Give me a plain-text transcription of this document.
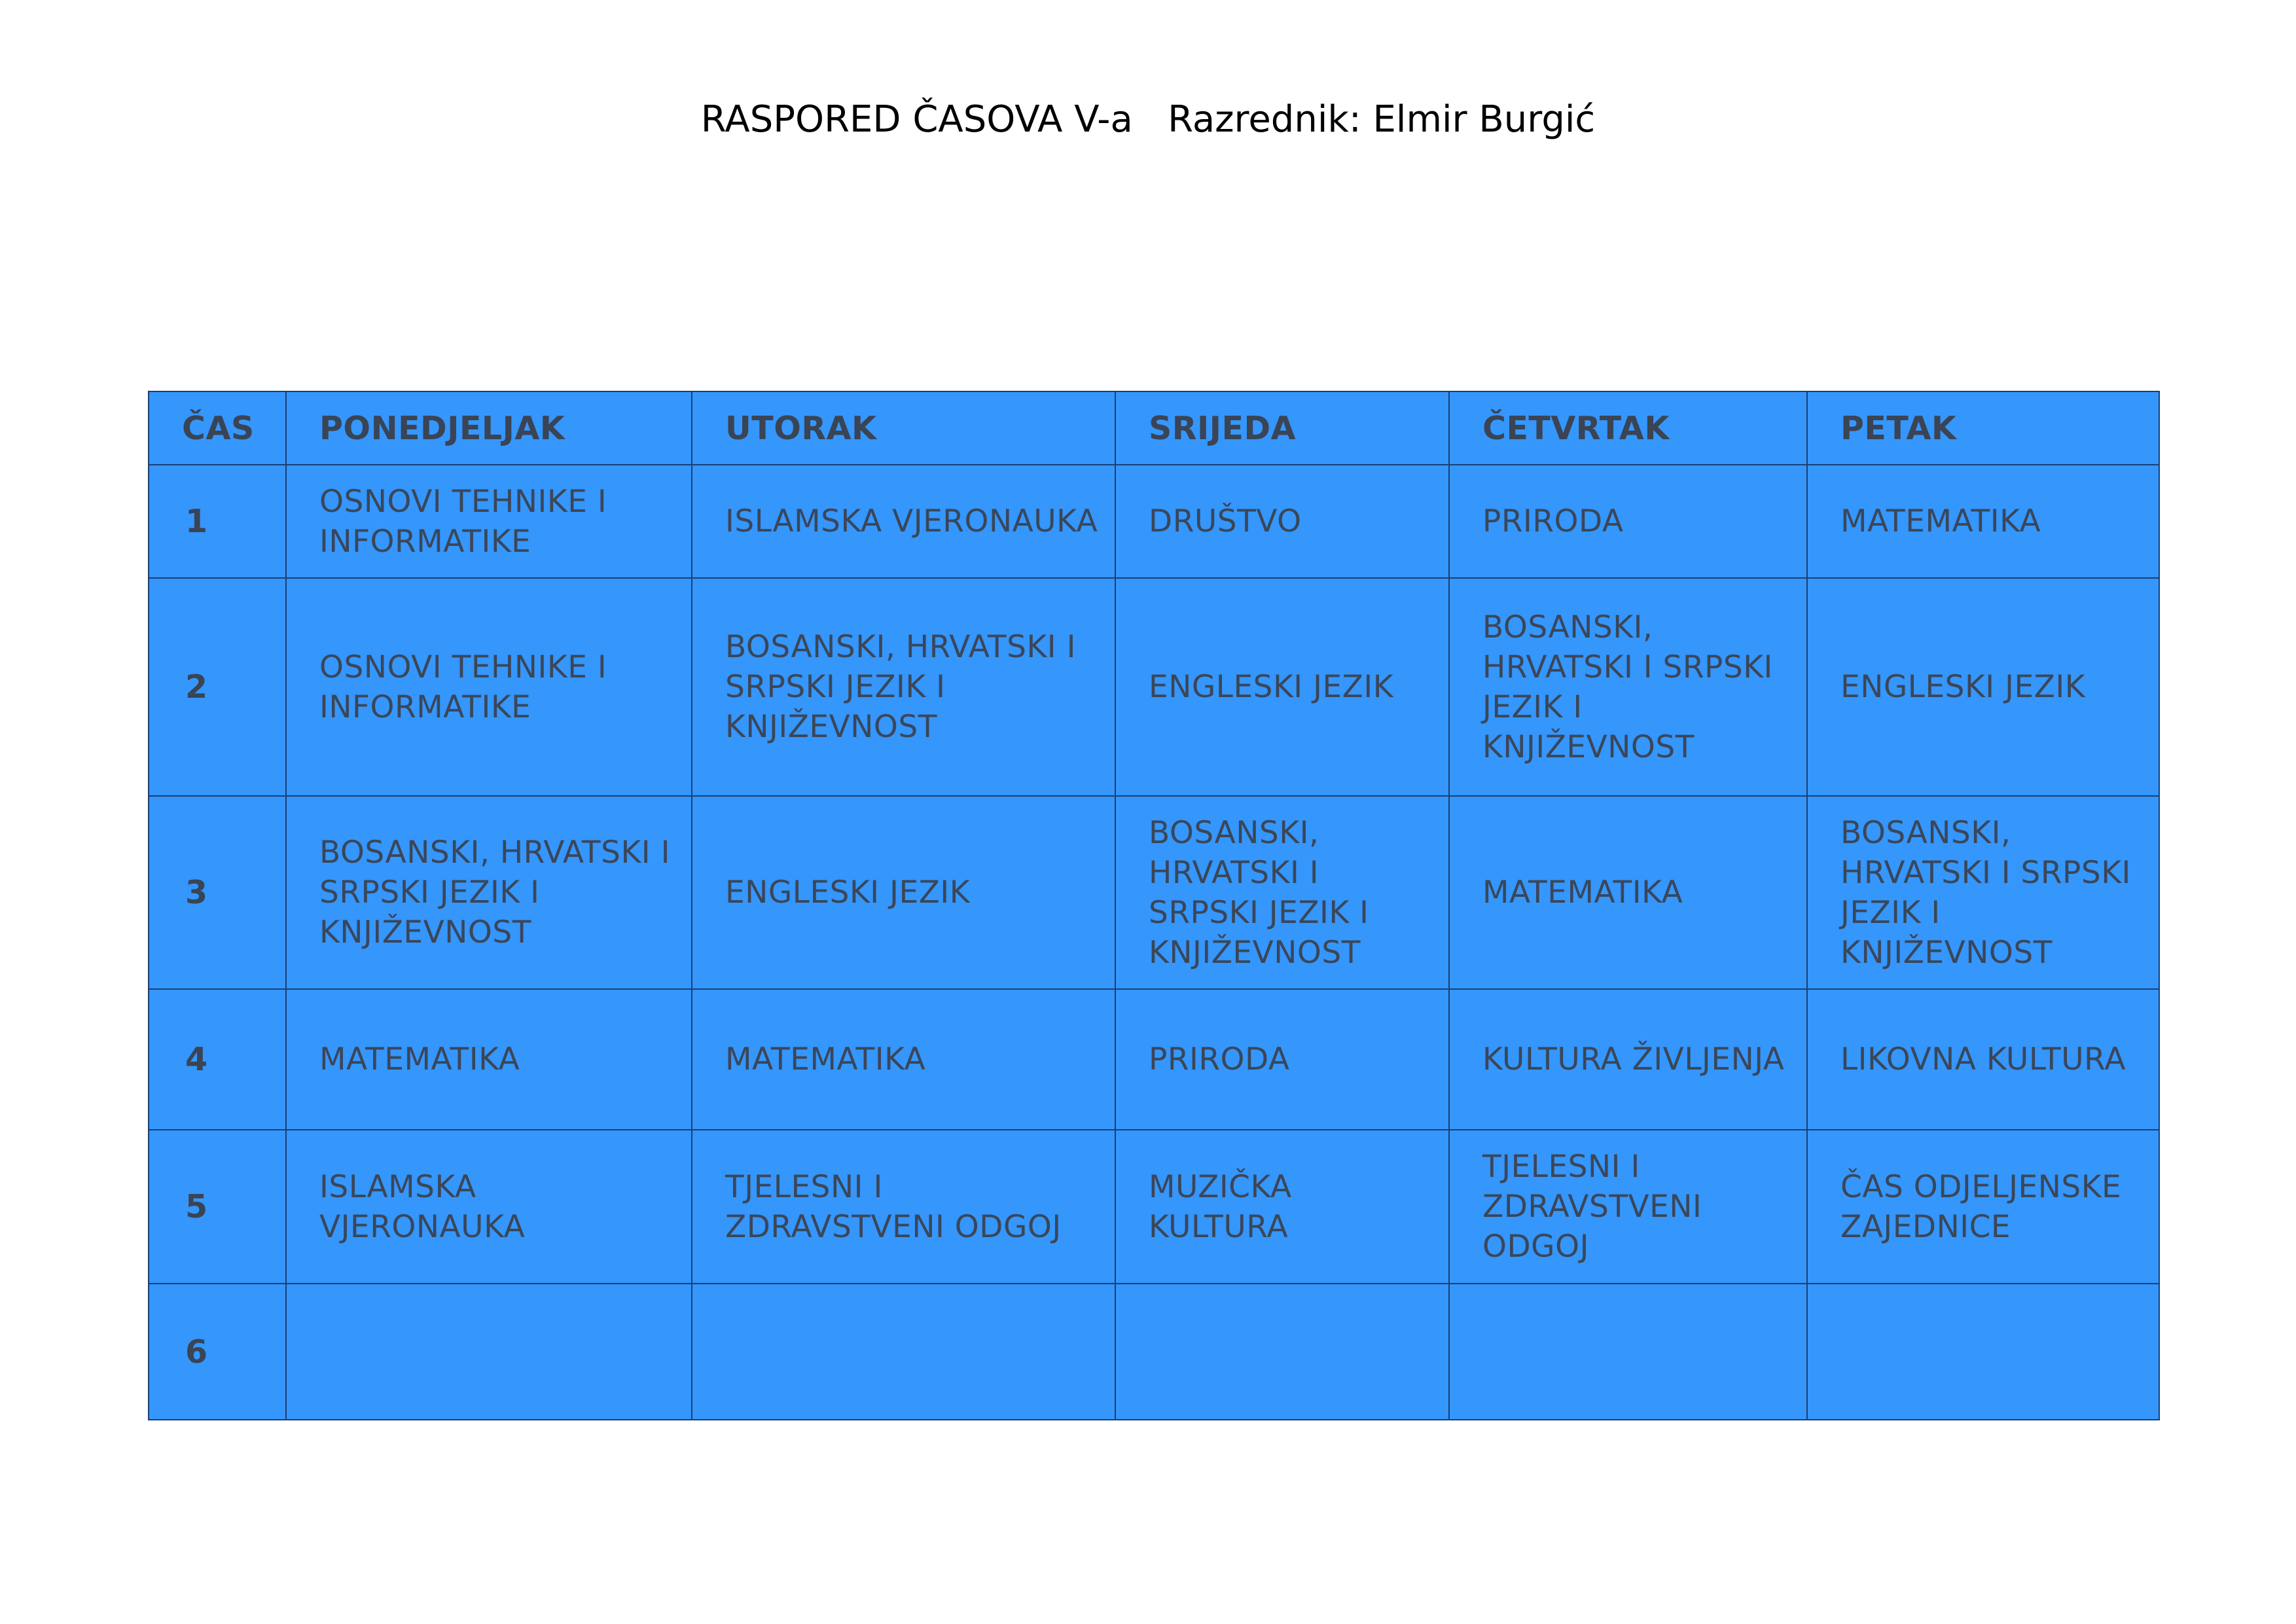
RASPORED ČASOVA V-a   Razrednik: Elmir Burgić
ČAS	PONEDJELJAK	UTORAK	SRIJEDA	ČETVRTAK	PETAK
1	OSNOVI TEHNIKE I INFORMATIKE	ISLAMSKA VJERONAUKA	DRUŠTVO	PRIRODA	MATEMATIKA

2	OSNOVI TEHNIKE I INFORMATIKE	BOSANSKI, HRVATSKI I SRPSKI JEZIK I KNJIŽEVNOST	ENGLESKI JEZIK	BOSANSKI, HRVATSKI I SRPSKI JEZIK I KNJIŽEVNOST	ENGLESKI JEZIK

3	BOSANSKI, HRVATSKI I SRPSKI JEZIK I KNJIŽEVNOST	ENGLESKI JEZIK	BOSANSKI, HRVATSKI I SRPSKI JEZIK I KNJIŽEVNOST	MATEMATIKA	BOSANSKI, HRVATSKI I SRPSKI JEZIK I KNJIŽEVNOST

4	MATEMATIKA	MATEMATIKA	PRIRODA	KULTURA ŽIVLJENJA	LIKOVNA KULTURA

5	ISLAMSKA VJERONAUKA	TJELESNI I ZDRAVSTVENI ODGOJ	MUZIČKA KULTURA	TJELESNI I ZDRAVSTVENI ODGOJ	ČAS ODJELJENSKE ZAJEDNICE

6	
